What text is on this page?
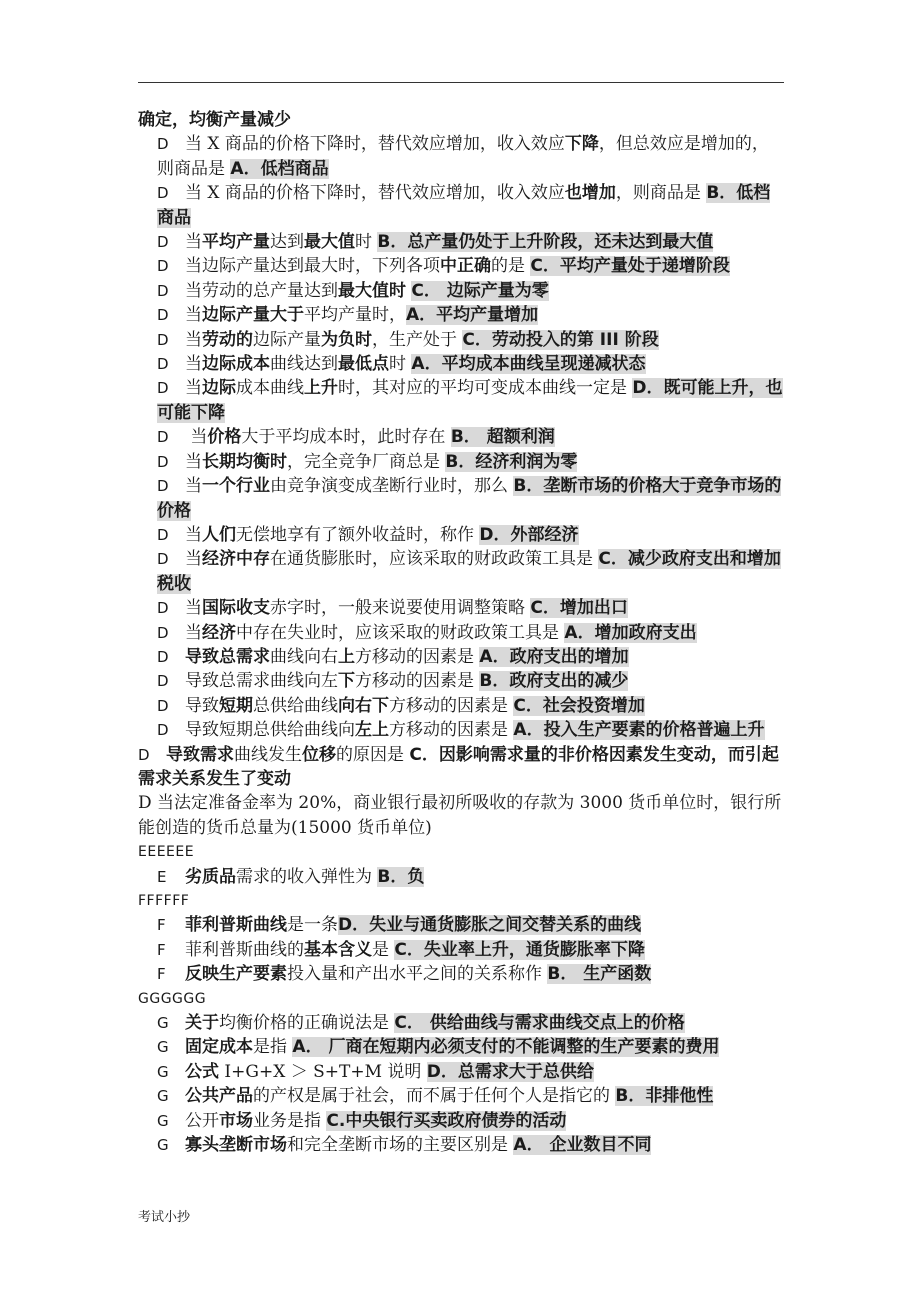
确定，均衡产量减少
D 当 X 商品的价格下降时，替代效应增加，收入效应下降，但总效应是增加的，则商品是 A．低档商品
D 当 X 商品的价格下降时，替代效应增加，收入效应也增加，则商品是 B．低档商品
D 当平均产量达到最大值时 B．总产量仍处于上升阶段，还未达到最大值
D 当边际产量达到最大时，下列各项中正确的是 C．平均产量处于递增阶段
D 当劳动的总产量达到最大值时 C． 边际产量为零
D 当边际产量大于平均产量时，A．平均产量增加
D 当劳动的边际产量为负时，生产处于 C．劳动投入的第 III 阶段
D 当边际成本曲线达到最低点时 A．平均成本曲线呈现递减状态
D 当边际成本曲线上升时，其对应的平均可变成本曲线一定是 D．既可能上升，也可能下降
D 当价格大于平均成本时，此时存在 B． 超额利润
D 当长期均衡时，完全竞争厂商总是 B．经济利润为零
D 当一个行业由竞争演变成垄断行业时，那么 B．垄断市场的价格大于竞争市场的价格
D 当人们无偿地享有了额外收益时，称作 D．外部经济
D 当经济中存在通货膨胀时，应该采取的财政政策工具是 C．减少政府支出和增加税收
D 当国际收支赤字时，一般来说要使用调整策略 C．增加出口
D 当经济中存在失业时，应该采取的财政政策工具是 A．增加政府支出
D 导致总需求曲线向右上方移动的因素是 A．政府支出的增加
D 导致总需求曲线向左下方移动的因素是 B．政府支出的减少
D 导致短期总供给曲线向右下方移动的因素是 C．社会投资增加
D 导致短期总供给曲线向左上方移动的因素是 A．投入生产要素的价格普遍上升
D 导致需求曲线发生位移的原因是 C．因影响需求量的非价格因素发生变动，而引起需求关系发生了变动
D 当法定准备金率为 20%，商业银行最初所吸收的存款为 3000 货币单位时，银行所能创造的货币总量为(15000 货币单位)
EEEEEE
E 劣质品需求的收入弹性为 B．负
FFFFFF
F 菲利普斯曲线是一条D．失业与通货膨胀之间交替关系的曲线
F 菲利普斯曲线的基本含义是 C．失业率上升，通货膨胀率下降
F 反映生产要素投入量和产出水平之间的关系称作 B． 生产函数
GGGGGG
G 关于均衡价格的正确说法是 C． 供给曲线与需求曲线交点上的价格
G 固定成本是指 A． 厂商在短期内必须支付的不能调整的生产要素的费用
G 公式 I+G+X ＞ S+T+M 说明 D．总需求大于总供给
G 公共产品的产权是属于社会，而不属于任何个人是指它的 B．非排他性
G 公开市场业务是指 C.中央银行买卖政府债券的活动
G 寡头垄断市场和完全垄断市场的主要区别是 A． 企业数目不同
考试小抄
